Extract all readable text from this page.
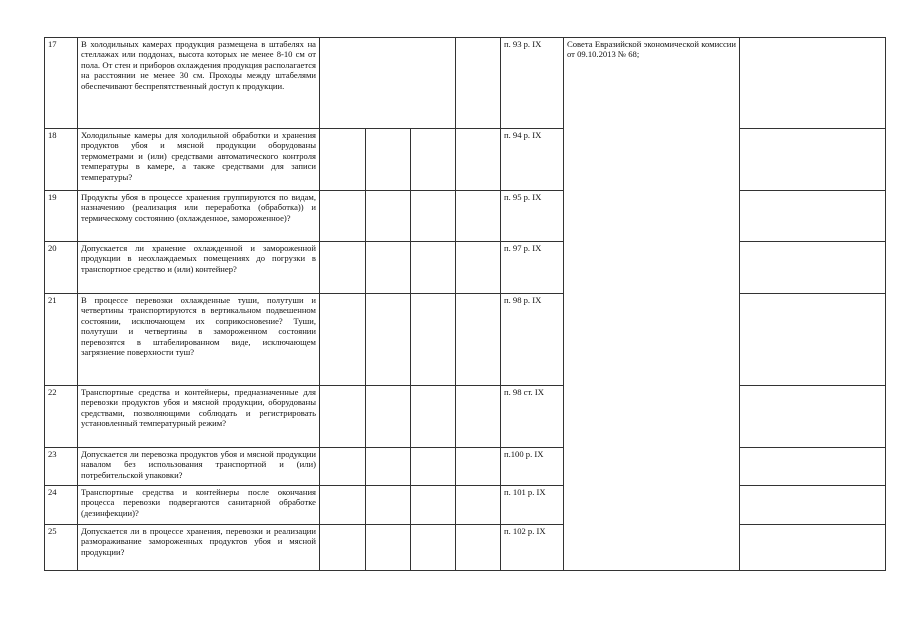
17	В холодильных камерах продукция размещена в штабелях на стеллажах или поддонах, высота которых не менее 8-10 см от пола. От стен и приборов охлаждения продукция располагается на расстоянии не менее 30 см. Проходы между штабелями обеспечивают беспрепятственный доступ к продукции.					п. 93 р. IX	Совета Евразийской экономической комиссии от 09.10.2013 № 68;	
18	Холодильные камеры для холодильной обработки и хранения продуктов убоя и мясной продукции оборудованы термометрами и (или) средствами автоматического контроля температуры в камере, а также средствами для записи температуры?					п. 94 р. IX		
19	Продукты убоя в процессе хранения группируются по видам, назначению (реализация или переработка (обработка)) и термическому состоянию (охлажденное, замороженное)?					п. 95 р. IX		
20	Допускается ли хранение охлажденной и замороженной продукции в неохлаждаемых помещениях до погрузки в транспортное средство и (или) контейнер?					п. 97 р. IX		
21	В процессе перевозки охлажденные туши, полутуши и четвертины транспортируются в вертикальном подвешенном состоянии, исключающем их соприкосновение? Туши, полутуши и четвертины в замороженном состоянии перевозятся в штабелированном виде, исключающем загрязнение поверхности туш?					п. 98 р. IX		
22	Транспортные средства и контейнеры, предназначенные для перевозки продуктов убоя и мясной продукции, оборудованы средствами, позволяющими соблюдать и регистрировать установленный температурный режим?					п. 98 ст. IX		
23	Допускается ли перевозка продуктов убоя и мясной продукции навалом без использования транспортной и (или) потребительской упаковки?					п.100 р. IX		
24	Транспортные средства и контейнеры после окончания процесса перевозки подвергаются санитарной обработке (дезинфекции)?					п. 101 р. IX		
25	Допускается ли в процессе хранения, перевозки и реализации размораживание замороженных продуктов убоя и мясной продукции?					п. 102 р. IX		
